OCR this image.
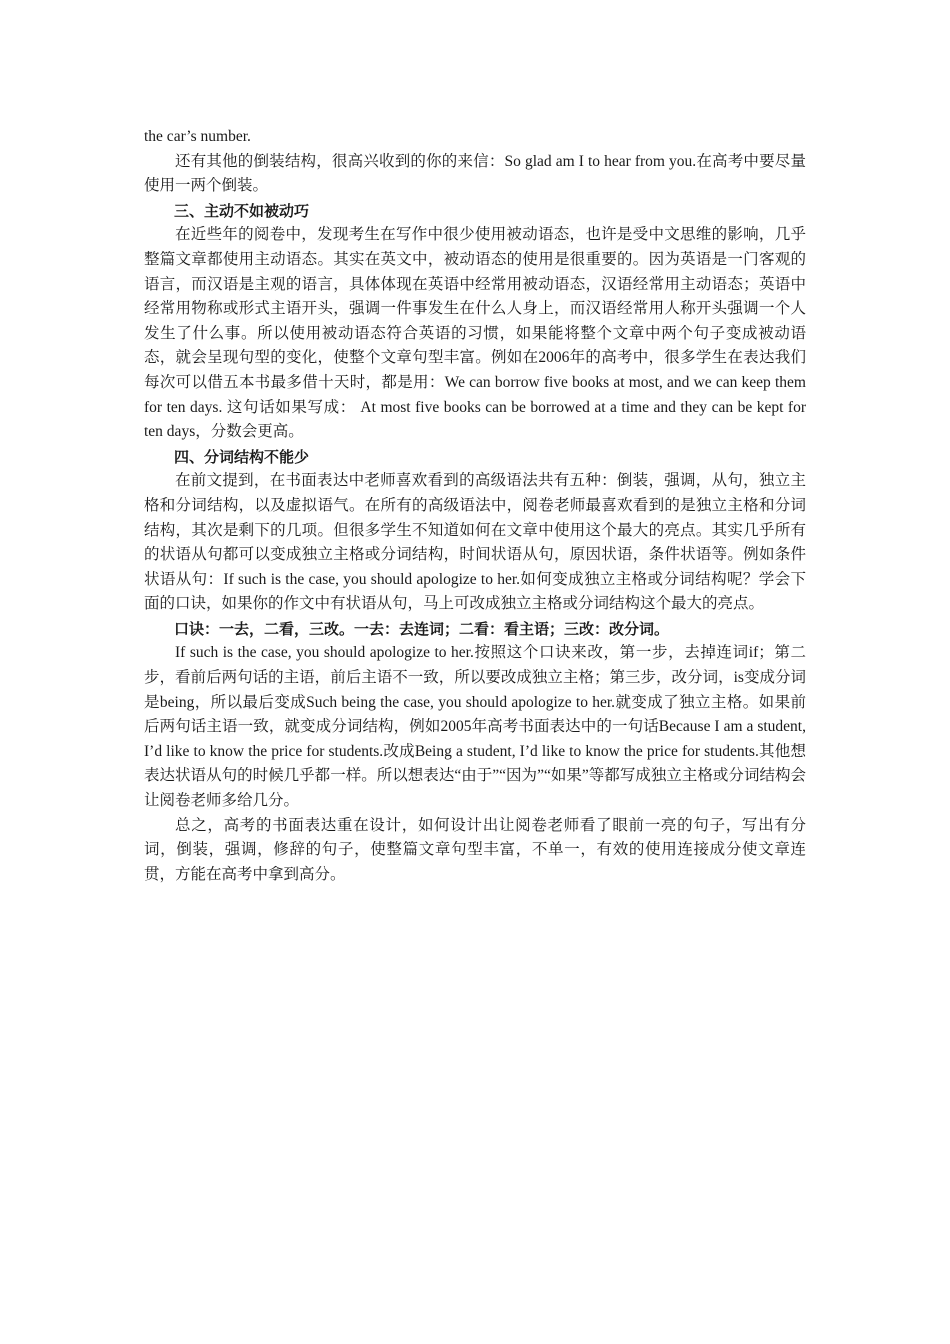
the car’s number.

还有其他的倒装结构，很高兴收到的你的来信：So glad am I to hear from you.在高考中要尽量使用一两个倒装。

三、主动不如被动巧

在近些年的阅卷中，发现考生在写作中很少使用被动语态，也许是受中文思维的影响，几乎整篇文章都使用主动语态。其实在英文中，被动语态的使用是很重要的。因为英语是一门客观的语言，而汉语是主观的语言，具体体现在英语中经常用被动语态，汉语经常用主动语态；英语中经常用物称或形式主语开头，强调一件事发生在什么人身上，而汉语经常用人称开头强调一个人发生了什么事。所以使用被动语态符合英语的习惯，如果能将整个文章中两个句子变成被动语态，就会呈现句型的变化，使整个文章句型丰富。例如在2006年的高考中，很多学生在表达我们每次可以借五本书最多借十天时，都是用：We can borrow five books at most, and we can keep them for ten days. 这句话如果写成： At most five books can be borrowed at a time and they can be kept for ten days，分数会更高。

四、分词结构不能少

在前文提到，在书面表达中老师喜欢看到的高级语法共有五种：倒装，强调，从句，独立主格和分词结构，以及虚拟语气。在所有的高级语法中，阅卷老师最喜欢看到的是独立主格和分词结构，其次是剩下的几项。但很多学生不知道如何在文章中使用这个最大的亮点。其实几乎所有的状语从句都可以变成独立主格或分词结构，时间状语从句，原因状语，条件状语等。例如条件状语从句：If such is the case, you should apologize to her.如何变成独立主格或分词结构呢？学会下面的口诀，如果你的作文中有状语从句，马上可改成独立主格或分词结构这个最大的亮点。

口诀：一去，二看，三改。一去：去连词；二看：看主语；三改：改分词。

If such is the case, you should apologize to her.按照这个口诀来改，第一步，去掉连词if；第二步，看前后两句话的主语，前后主语不一致，所以要改成独立主格；第三步，改分词，is变成分词是being，所以最后变成Such being the case, you should apologize to her.就变成了独立主格。如果前后两句话主语一致，就变成分词结构，例如2005年高考书面表达中的一句话Because I am a student, I’d like to know the price for students.改成Being a student, I’d like to know the price for students.其他想表达状语从句的时候几乎都一样。所以想表达“由于”“因为”“如果”等都写成独立主格或分词结构会让阅卷老师多给几分。

总之，高考的书面表达重在设计，如何设计出让阅卷老师看了眼前一亮的句子，写出有分词，倒装，强调，修辞的句子，使整篇文章句型丰富，不单一，有效的使用连接成分使文章连贯，方能在高考中拿到高分。
